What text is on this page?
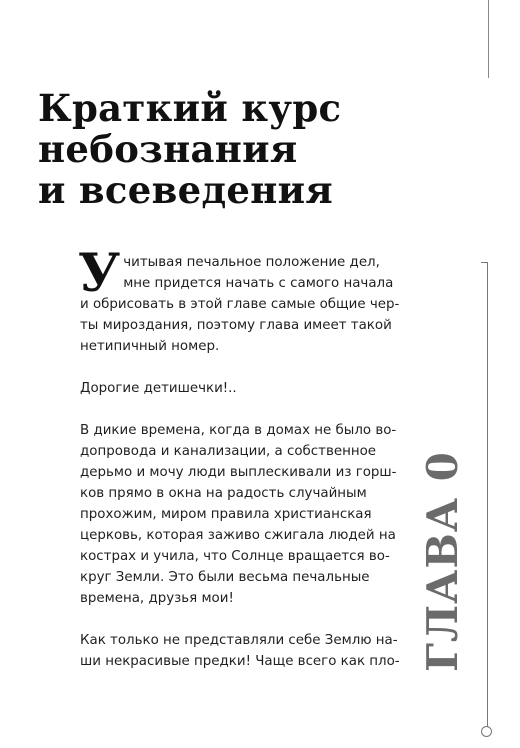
Краткий курс
небознания
и всеведения

У читывая печальное положение дел,
мне придется начать с самого начала
и обрисовать в этой главе самые общие чер-
ты мироздания, поэтому глава имеет такой
нетипичный номер.

Дорогие детишечки!..

В дикие времена, когда в домах не было во-
допровода и канализации, а собственное
дерьмо и мочу люди выплескивали из горш-
ков прямо в окна на радость случайным
прохожим, миром правила христианская
церковь, которая заживо сжигала людей на
кострах и учила, что Солнце вращается во-
круг Земли. Это были весьма печальные
времена, друзья мои!

Как только не представляли себе Землю на-
ши некрасивые предки! Чаще всего как пло- ГЛАВА 0
